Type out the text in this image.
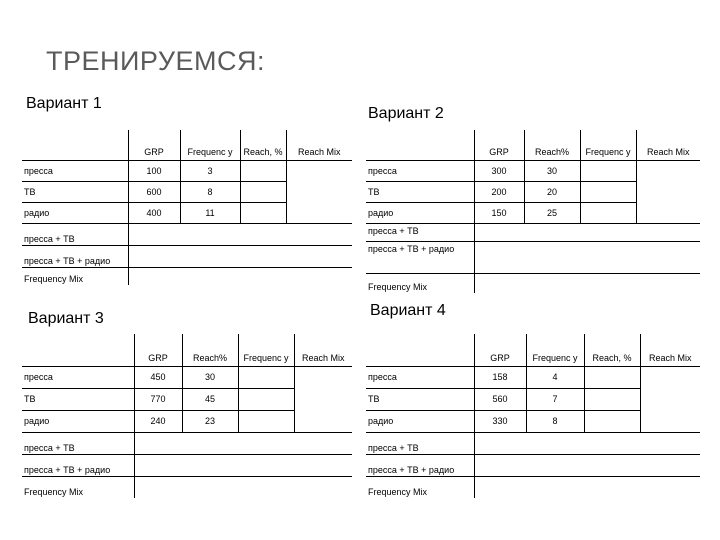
ТРЕНИРУЕМСЯ:
Вариант 1
	GRP	Frequenc y	Reach, %	Reach Mix
пресса	100	3		
ТВ	600	8		
радио	400	11		
пресса + ТВ				
пресса + ТВ + радио				
Frequency Mix				
Вариант 2
	GRP	Reach%	Frequenc y	Reach Mix
пресса	300	30		
ТВ	200	20		
радио	150	25		
пресса + ТВ				
пресса + ТВ + радио				
Frequency Mix				
Вариант 3
	GRP	Reach%	Frequenc y	Reach Mix
пресса	450	30		
ТВ	770	45		
радио	240	23		
пресса + ТВ				
пресса + ТВ + радио				
Frequency Mix				
Вариант 4
	GRP	Frequenc y	Reach, %	Reach Mix
пресса	158	4		
ТВ	560	7		
радио	330	8		
пресса + ТВ				
пресса + ТВ + радио				
Frequency Mix				
